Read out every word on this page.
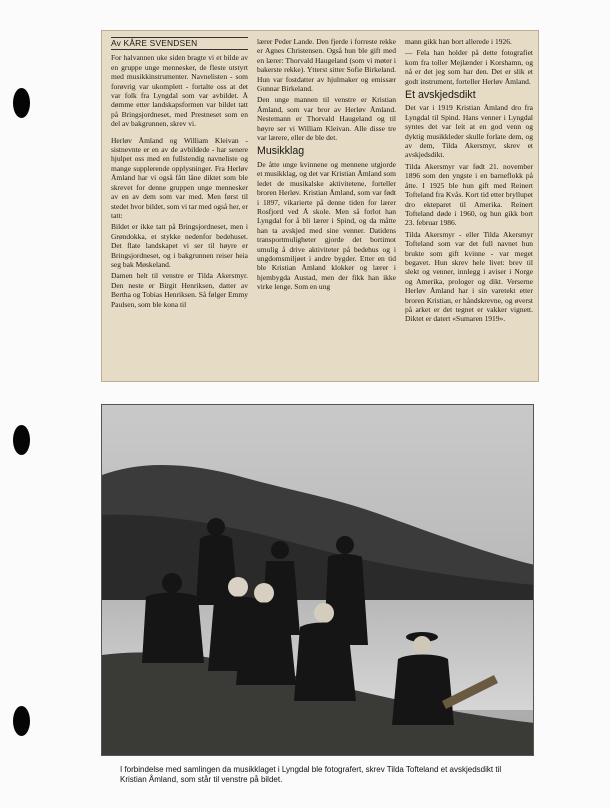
Av KÅRE SVENDSEN

For halvannen uke siden bragte vi et bilde av en gruppe unge mennesker, de fleste utstyrt med musikkinstrumenter. Navnelisten - som forøvrig var ukomplett - fortalte oss at det var folk fra Lyngdal som var avbildet. Å dømme etter landskapsformen var bildet tatt på Bringsjordneset, med Prestneset som en del av bakgrunnen, skrev vi.

Herløv Åmland og William Kleivan - sistnevnte er en av de avbildede - har senere hjulpet oss med en fullstendig navneliste og mange supplerende opplysninger. Fra Herløv Åmland har vi også fått låne diktet som ble skrevet for denne gruppen unge mennesker av en av dem som var med. Men først til stedet hvor bildet, som vi tar med også her, er tatt:

Bildet er ikke tatt på Bringsjordneset, men i Grøndokka, et stykke nedenfor bedehuset. Det flate landskapet vi ser til høyre er Bringsjordneset, og i bakgrunnen reiser heia seg bak Møskeland.

Damen helt til venstre er Tilda Akersmyr. Den neste er Birgit Henriksen, datter av Bertha og Tobias Henriksen. Så følger Emmy Paulsen, som ble kona til

lærer Peder Lande. Den fjerde i forreste rekke er Agnes Christensen. Også hun ble gift med en lærer: Thorvald Haugeland (som vi møter i bakerste rekke). Ytterst sitter Sofie Birkeland. Hun var fostdatter av hjulmaker og emissær Gunnar Birkeland.

Den unge mannen til venstre er Kristian Åmland, som var bror av Herløv Åmland. Nestemann er Thorvald Haugeland og til høyre ser vi William Kleivan. Alle disse tre var lærere, eller de ble det.

Musikklag

De åtte unge kvinnene og mennene utgjorde et musikklag, og det var Kristian Åmland som ledet de musikalske aktivitetene, forteller broren Herløv. Kristian Åmland, som var født i 1897, vikarierte på denne tiden for lærer Rosfjord ved Å skole. Men så forlot han Lyngdal for å bli lærer i Spind, og da måtte han ta avskjed med sine venner. Datidens transportmuligheter gjorde det bortimot umulig å drive aktiviteter på bedehus og i ungdomsmiljøet i andre bygder. Etter en tid ble Kristian Åmland klokker og lærer i hjembygda Austad, men der fikk han ikke virke lenge. Som en ung

mann gikk han bort allerede i 1926.

— Fela han holder på dette fotografiet kom fra toller Mejlænder i Korshamn, og nå er det jeg som har den. Det er slik et godt instrument, forteller Herløv Åmland.

Et avskjedsdikt

Det var i 1919 Kristian Åmland dro fra Lyngdal til Spind. Hans venner i Lyngdal syntes det var leit at en god venn og dyktig musikkleder skulle forlate dem, og av dem, Tilda Akersmyr, skrev et avskjedsdikt.

Tilda Akersmyr var født 21. november 1896 som den yngste i en barneflokk på åtte. I 1925 ble hun gift med Reinert Tofteland fra Kvås. Kort tid etter bryllupet dro ekteparet til Amerika. Reinert Tofteland døde i 1960, og hun gikk bort 23. februar 1986.

Tilda Akersmyr - eller Tilda Akersmyr Tofteland som var det full navnet hun brukte som gift kvinne - var meget begavet. Hun skrev hele livet: brev til slekt og venner, innlegg i aviser i Norge og Amerika, prologer og dikt. Verserne Herløv Åmland har i sin varetekt etter broren Kristian, er håndskrevne, og øverst på arket er det tegnet er vakker vignett. Diktet er datert «Sumaren 1919».

I forbindelse med samlingen da musikklaget i Lyngdal ble fotografert, skrev Tilda Tofteland et avskjedsdikt til Kristian Åmland, som står til venstre på bildet.
